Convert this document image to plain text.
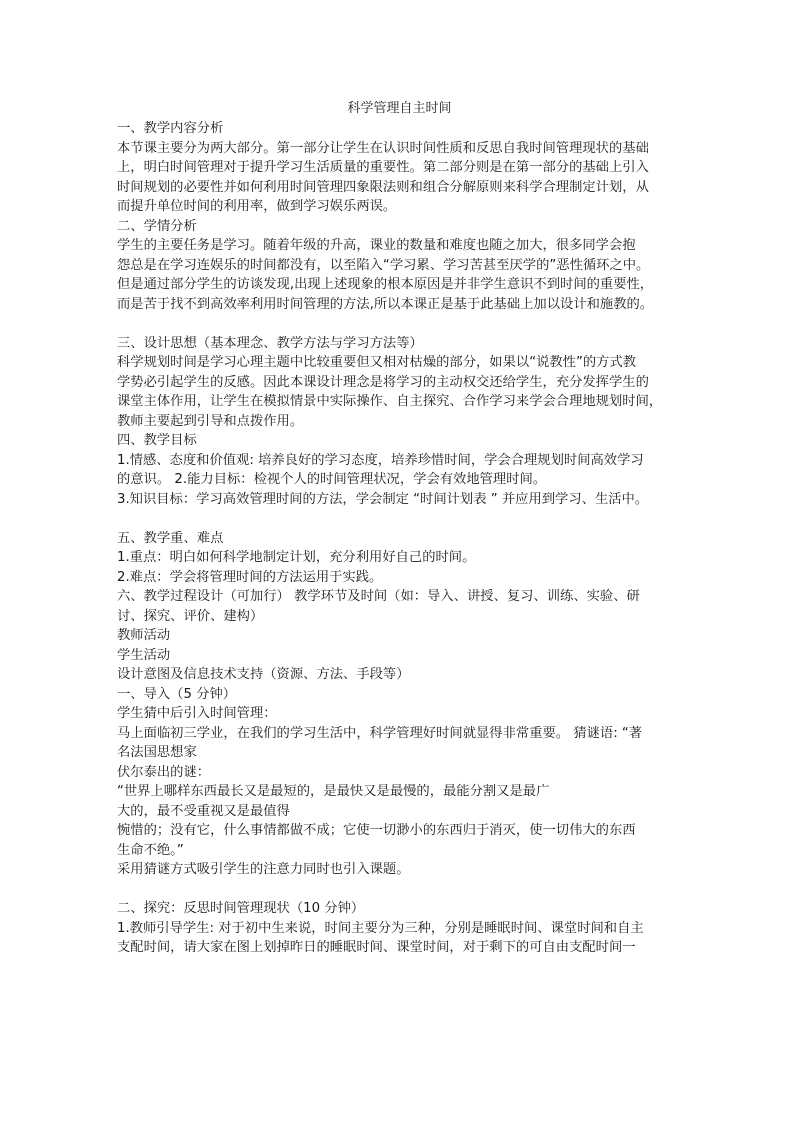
科学管理自主时间
一、教学内容分析
本节课主要分为两大部分。第一部分让学生在认识时间性质和反思自我时间管理现状的基础
上，明白时间管理对于提升学习生活质量的重要性。第二部分则是在第一部分的基础上引入
时间规划的必要性并如何利用时间管理四象限法则和组合分解原则来科学合理制定计划，从
而提升单位时间的利用率，做到学习娱乐两误。
二、学情分析
学生的主要任务是学习。随着年级的升高，课业的数量和难度也随之加大，很多同学会抱
怨总是在学习连娱乐的时间都没有，以至陷入“学习累、学习苦甚至厌学的”恶性循环之中。
但是通过部分学生的访谈发现,出现上述现象的根本原因是并非学生意识不到时间的重要性，
而是苦于找不到高效率利用时间管理的方法,所以本课正是基于此基础上加以设计和施教的。
三、设计思想（基本理念、教学方法与学习方法等）
科学规划时间是学习心理主题中比较重要但又相对枯燥的部分，如果以“说教性”的方式教
学势必引起学生的反感。因此本课设计理念是将学习的主动权交还给学生，充分发挥学生的
课堂主体作用，让学生在模拟情景中实际操作、自主探究、合作学习来学会合理地规划时间，
教师主要起到引导和点拨作用。
四、教学目标
1.情感、态度和价值观: 培养良好的学习态度，培养珍惜时间，学会合理规划时间高效学习
的意识。 2.能力目标：检视个人的时间管理状况，学会有效地管理时间。
3.知识目标：学习高效管理时间的方法，学会制定 “时间计划表 ” 并应用到学习、生活中。
五、教学重、难点
1.重点：明白如何科学地制定计划，充分利用好自己的时间。
2.难点：学会将管理时间的方法运用于实践。
六、教学过程设计（可加行） 教学环节及时间（如：导入、讲授、复习、训练、实验、研
讨、探究、评价、建构）
教师活动
学生活动
设计意图及信息技术支持（资源、方法、手段等）
一、导入（5 分钟）
学生猜中后引入时间管理：
马上面临初三学业，在我们的学习生活中，科学管理好时间就显得非常重要。 猜谜语: “著
名法国思想家
伏尔泰出的谜：
“世界上哪样东西最长又是最短的，是最快又是最慢的，最能分割又是最广
大的，最不受重视又是最值得
惋惜的；没有它，什么事情都做不成；它使一切渺小的东西归于消灭，使一切伟大的东西
生命不绝。”
采用猜谜方式吸引学生的注意力同时也引入课题。
二、探究：反思时间管理现状（10 分钟）
1.教师引导学生: 对于初中生来说，时间主要分为三种，分别是睡眠时间、课堂时间和自主
支配时间，请大家在图上划掉昨日的睡眠时间、课堂时间，对于剩下的可自由支配时间一
